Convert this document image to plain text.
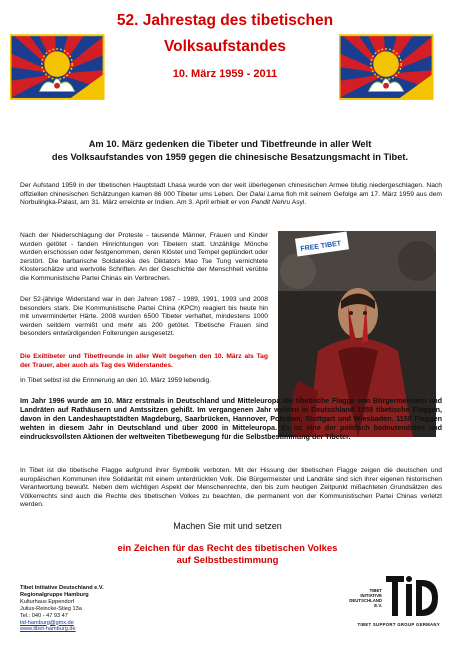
52. Jahrestag des tibetischen
Volksaufstandes
10. März 1959 - 2011
Am 10. März gedenken die Tibeter und Tibetfreunde in aller Welt
des Volksaufstandes von 1959 gegen die chinesische Besatzungsmacht in Tibet.

Der Aufstand 1959 in der tibetischen Hauptstadt Lhasa wurde von der weit überlegenen chinesischen Armee blutig niedergeschlagen. Nach offiziellen chinesischen Schätzungen kamen 86 000 Tibeter ums Leben. Der Dalai Lama floh mit seinem Gefolge am 17. März 1959 aus dem Norbulingka-Palast, am 31. März erreichte er Indien. Am 3. April erhielt er von Pandit Nehru Asyl.

Nach der Niederschlagung der Proteste - tausende Männer, Frauen und Kinder wurden getötet - fanden Hinrichtungen von Tibetern statt. Unzählige Mönche wurden erschossen oder festgenommen, deren Klöster und Tempel geplündert oder zerstört. Die barbarische Soldateska des Diktators Mao Tse Tung vernichtete Klosterschätze und wertvolle Schriften. An der Geschichte der Menschheit verübte die Kommunistische Partei Chinas ein Verbrechen.

Der 52-jährige Widerstand war in den Jahren 1987 - 1989, 1991, 1993 und 2008 besonders stark. Die Kommunistische Partei China (KPCh) reagiert bis heute hin mit unverminderter Härte. 2008 wurden 6500 Tibeter verhaftet, mindestens 1000 werden seitdem vermißt und mehr als 200 getötet. Tibetische Frauen sind besonders entwürdigenden Folterungen ausgesetzt.

Die Exiltibeter und Tibetfreunde in aller Welt begehen den 10. März als Tag der Trauer, aber auch als Tag des Widerstandes.

In Tibet selbst ist die Erinnerung an den 10. März 1959 lebendig.

FREE TIBET

Im Jahr 1996 wurde am 10. März erstmals in Deutschland und Mitteleuropa die tibetische Flagge von Bürgermeistern und Landräten auf Rathäusern und Amtssitzen gehißt. Im vergangenen Jahr wehten in Deutschland 1059 tibetische Flaggen, davon in den Landeshauptstädten Magdeburg, Saarbrücken, Hannover, Potsdam, Stuttgart und Wiesbaden. 1150 Flaggen wehten in diesem Jahr in Deutschland und über 2000 in Mitteleuropa. Es ist eine der politisch bedeutendsten und eindrucksvollsten Aktionen der weltweiten Tibetbewegung für die Selbstbestimmung der Tibeter.

In Tibet ist die tibetische Flagge aufgrund ihrer Symbolik verboten. Mit der Hissung der tibetischen Flagge zeigen die deutschen und europäischen Kommunen ihre Solidarität mit einem unterdrückten Volk. Die Bürgermeister und Landräte sind sich ihrer eigenen historischen Verantwortung bewußt. Neben dem wichtigen Aspekt der Menschenrechte, den bis zum heutigen Zeitpunkt mißachteten Grundsätzen des Völkerrechts sind auch die Rechte des tibetischen Volkes zu beachten, die permanent von der Kommunistischen Partei Chinas verletzt werden.

Machen Sie mit und setzen
ein Zeichen für das Recht des tibetischen Volkes
auf Selbstbestimmung
Tibet Initiative Deutschland e.V.
Regionalgruppe Hamburg
Kulturhaus Eppendorf
Julius-Reincke-Stieg 13a
Tel.: 040 - 47 93 47
tid-hamburg@gmx.de
www.tibet-hamburg.de
TIBET
INITIATIVE
DEUTSCHLAND E.V.
TIBET SUPPORT GROUP GERMANY
